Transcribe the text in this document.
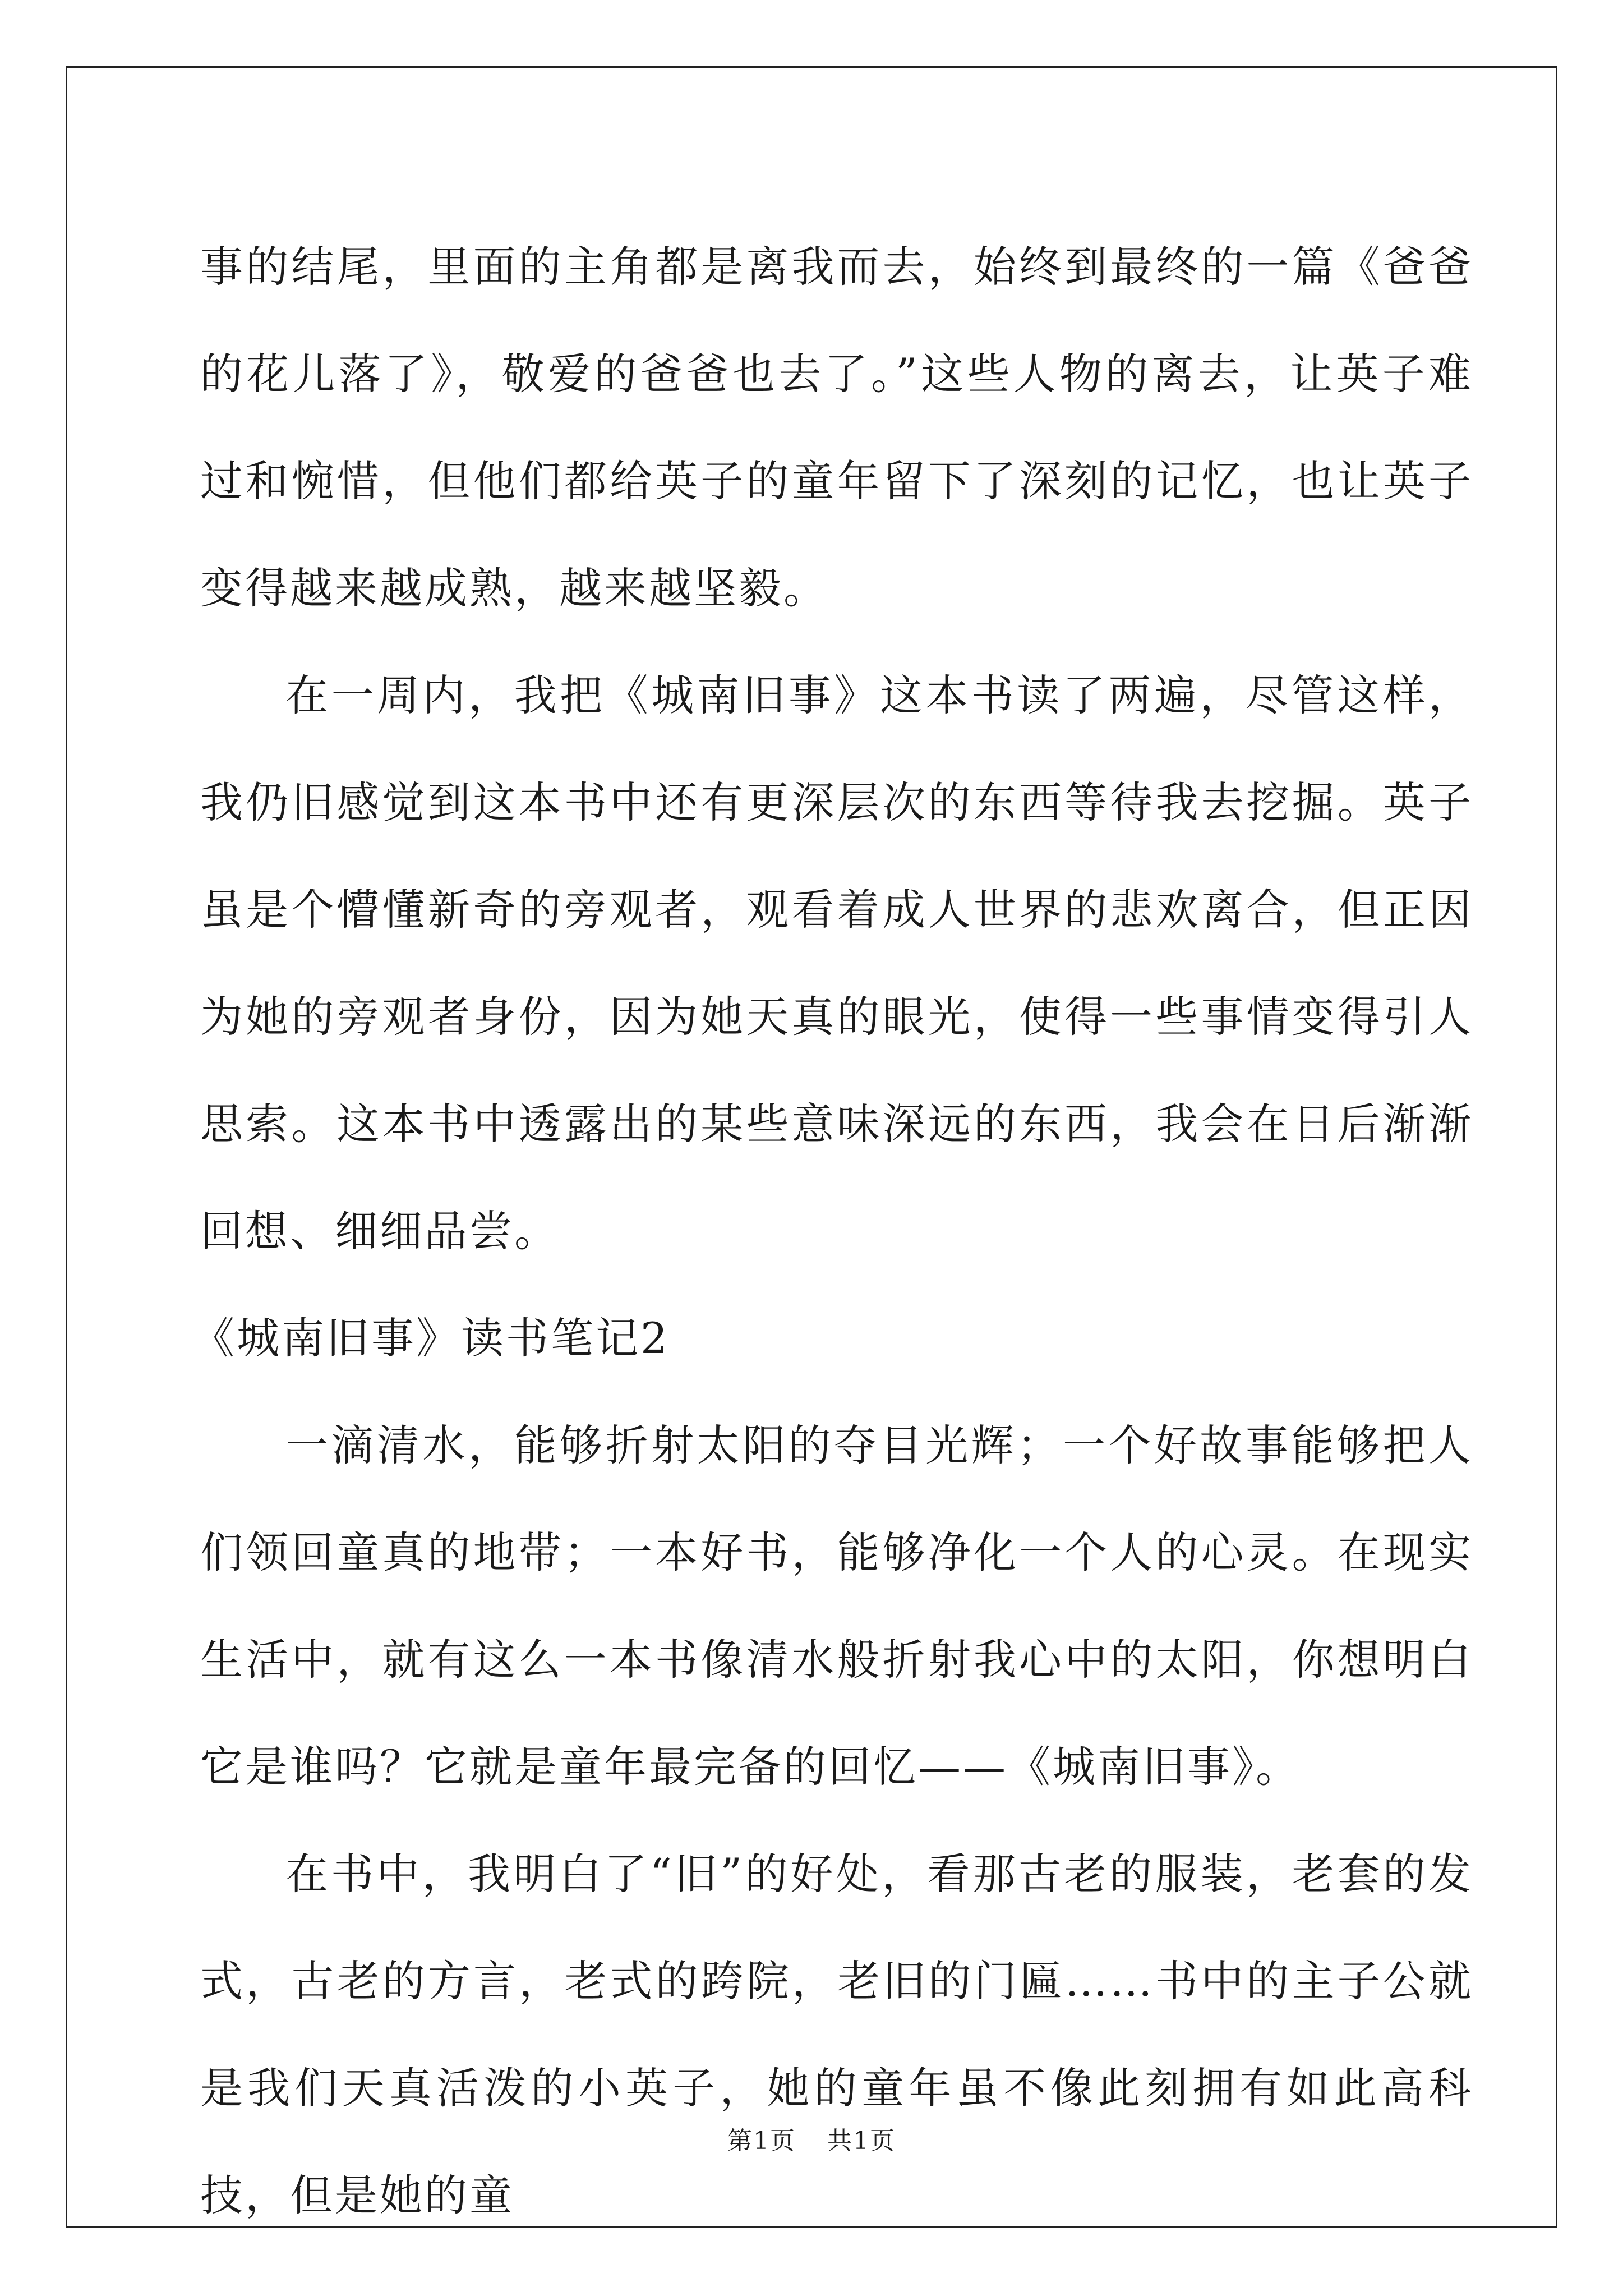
事的结尾，里面的主角都是离我而去，始终到最终的一篇《爸爸的花儿落了》，敬爱的爸爸也去了。”这些人物的离去，让英子难过和惋惜，但他们都给英子的童年留下了深刻的记忆，也让英子变得越来越成熟，越来越坚毅。

在一周内，我把《城南旧事》这本书读了两遍，尽管这样，我仍旧感觉到这本书中还有更深层次的东西等待我去挖掘。英子虽是个懵懂新奇的旁观者，观看着成人世界的悲欢离合，但正因为她的旁观者身份，因为她天真的眼光，使得一些事情变得引人思索。这本书中透露出的某些意味深远的东西，我会在日后渐渐回想、细细品尝。

《城南旧事》读书笔记2

一滴清水，能够折射太阳的夺目光辉；一个好故事能够把人们领回童真的地带；一本好书，能够净化一个人的心灵。在现实生活中，就有这么一本书像清水般折射我心中的太阳，你想明白它是谁吗？它就是童年最完备的回忆——《城南旧事》。

在书中，我明白了“旧”的好处，看那古老的服装，老套的发式，古老的方言，老式的跨院，老旧的门匾……书中的主子公就是我们天真活泼的小英子，她的童年虽不像此刻拥有如此高科技，但是她的童

第1页 共1页
